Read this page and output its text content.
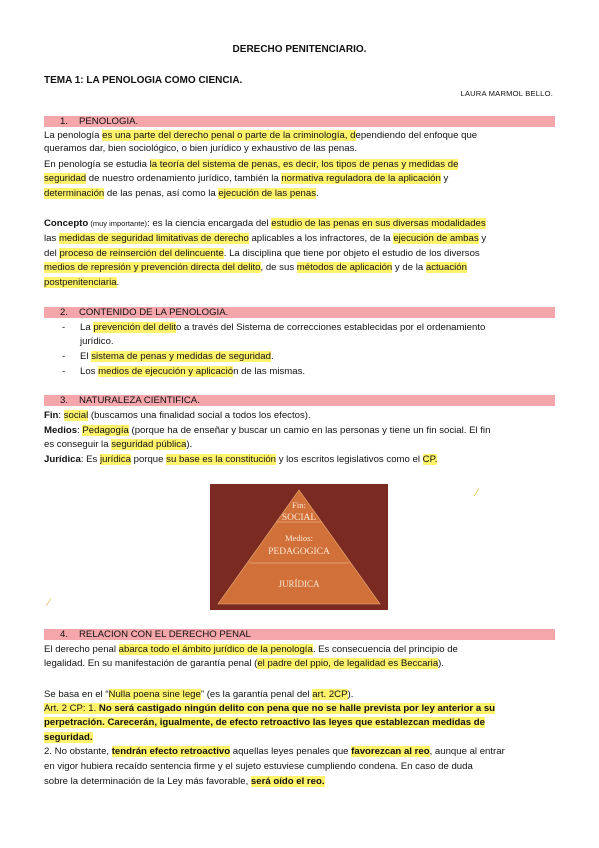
DERECHO PENITENCIARIO.
TEMA 1: LA PENOLOGIA COMO CIENCIA.
LAURA MARMOL BELLO.
1. PENOLOGIA.
La penología es una parte del derecho penal o parte de la criminología, dependiendo del enfoque que
queramos dar, bien sociológico, o bien jurídico y exhaustivo de las penas.
En penología se estudia la teoría del sistema de penas, es decir, los tipos de penas y medidas de
seguridad de nuestro ordenamiento jurídico, también la normativa reguladora de la aplicación y
determinación de las penas, así como la ejecución de las penas.
Concepto (muy importante): es la ciencia encargada del estudio de las penas en sus diversas modalidades
las medidas de seguridad limitativas de derecho aplicables a los infractores, de la ejecución de ambas y
del proceso de reinserción del delincuente. La disciplina que tiene por objeto el estudio de los diversos
medios de represión y prevención directa del delito, de sus métodos de aplicación y de la actuación
postpenitenciaria.
2. CONTENIDO DE LA PENOLOGIA.
-	La prevención del delito a través del Sistema de correcciones establecidas por el ordenamiento
jurídico.
-	El sistema de penas y medidas de seguridad.
-	Los medios de ejecución y aplicación de las mismas.
3. NATURALEZA CIENTIFICA.
Fin: social (buscamos una finalidad social a todos los efectos).
Medios: Pedagogía (porque ha de enseñar y buscar un camio en las personas y tiene un fin social. El fin
es conseguir la seguridad pública).
Jurídica: Es jurídica porque su base es la constitución y los escritos legislativos como el CP.
⁄
Fin:
SOCIAL
Medios:
PEDAGOGICA
JURÍDICA
⁄
4. RELACION CON EL DERECHO PENAL
El derecho penal abarca todo el ámbito jurídico de la penología. Es consecuencia del principio de
legalidad. En su manifestación de garantía penal (el padre del ppio, de legalidad es Beccaria).
Se basa en el “Nulla poena sine lege” (es la garantía penal del art. 2CP).
Art. 2 CP: 1. No será castigado ningún delito con pena que no se halle prevista por ley anterior a su
perpetración. Carecerán, igualmente, de efecto retroactivo las leyes que establezcan medidas de
seguridad.
2. No obstante, tendrán efecto retroactivo aquellas leyes penales que favorezcan al reo, aunque al entrar
en vigor hubiera recaído sentencia firme y el sujeto estuviese cumpliendo condena. En caso de duda
sobre la determinación de la Ley más favorable, será oído el reo.
